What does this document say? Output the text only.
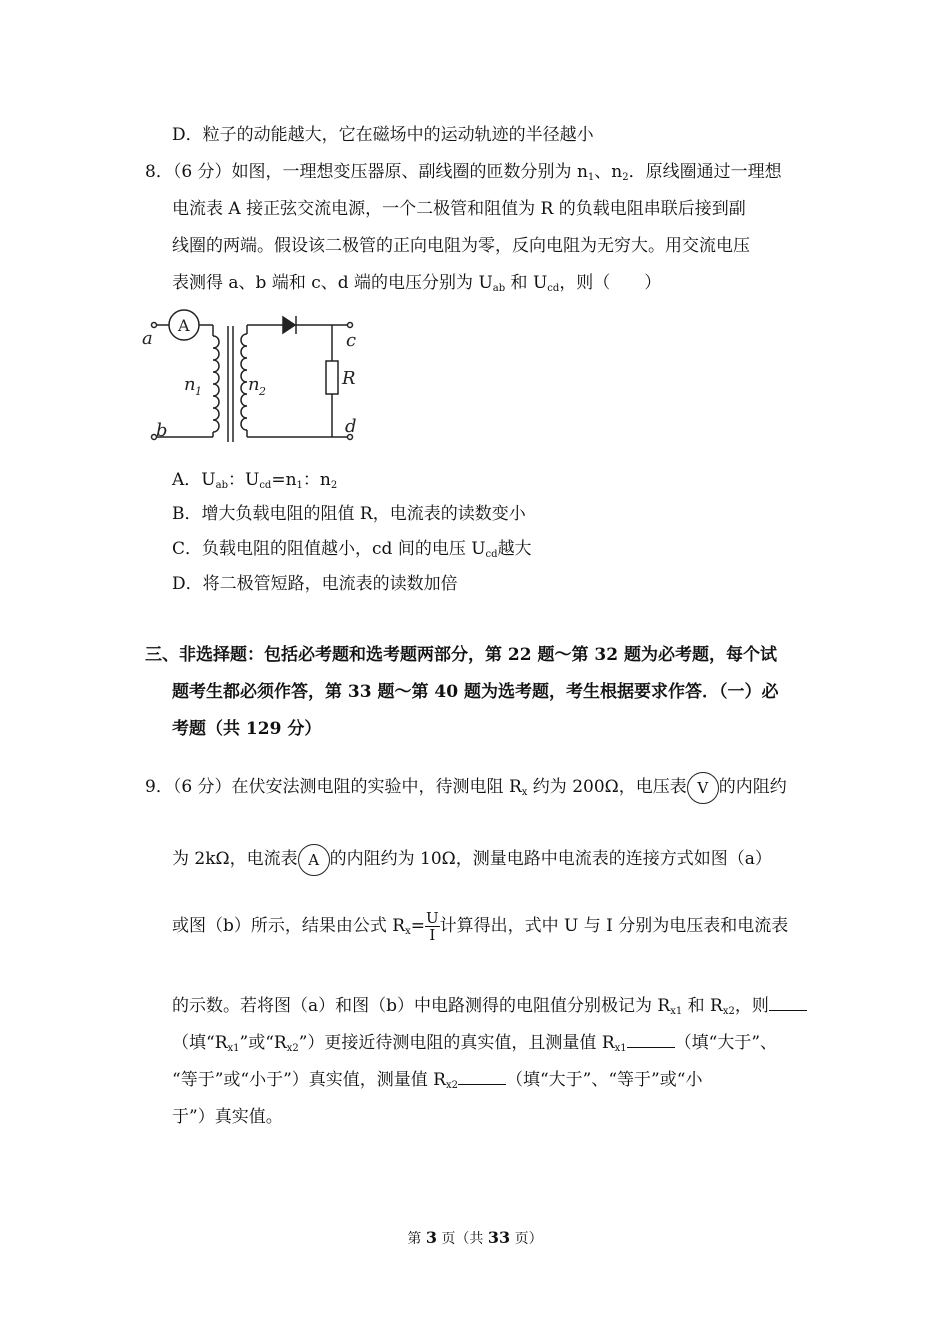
D．粒子的动能越大，它在磁场中的运动轨迹的半径越小
8．（6 分）如图，一理想变压器原、副线圈的匝数分别为 $n_1$、$n_2$．原线圈通过一理想
电流表 A 接正弦交流电源，一个二极管和阻值为 R 的负载电阻串联后接到副
线圈的两端。假设该二极管的正向电阻为零，反向电阻为无穷大。用交流电压
表测得 a、b 端和 c、d 端的电压分别为 $U_{ab}$ 和 $U_{cd}$，则（　　）
a
b
c
d
R
n 1	n 2
A
A．$U_{ab}$：$U_{cd}=n_1$：$n_2$
B．增大负载电阻的阻值 R，电流表的读数变小
C．负载电阻的阻值越小，cd 间的电压 $U_{cd}$越大
D．将二极管短路，电流表的读数加倍
三、非选择题：包括必考题和选考题两部分，第 22 题～第 32 题为必考题，每个试
题考生都必须作答，第 33 题～第 40 题为选考题，考生根据要求作答．（一）必
考题（共 129 分）
9．（6 分）在伏安法测电阻的实验中，待测电阻 $R_x$ 约为 200Ω，电压表 V 的内阻约
为 2kΩ，电流表 A 的内阻约为 10Ω，测量电路中电流表的连接方式如图（a）
或图（b）所示，结果由公式 $R_x= \frac{U}{I}$ 计算得出，式中 U 与 I 分别为电压表和电流表
的示数。若将图（a）和图（b）中电路测得的电阻值分别极记为 $R_{x1}$ 和 $R_{x2}$，则
（填“$R_{x1}$”或“$R_{x2}$”）更接近待测电阻的真实值，且测量值 $R_{x1}$	（填“大于”、
“等于”或“小于”）真实值，测量值 $R_{x2}$	（填“大于”、“等于”或“小
于”）真实值。
第 3 页（共 33 页）
